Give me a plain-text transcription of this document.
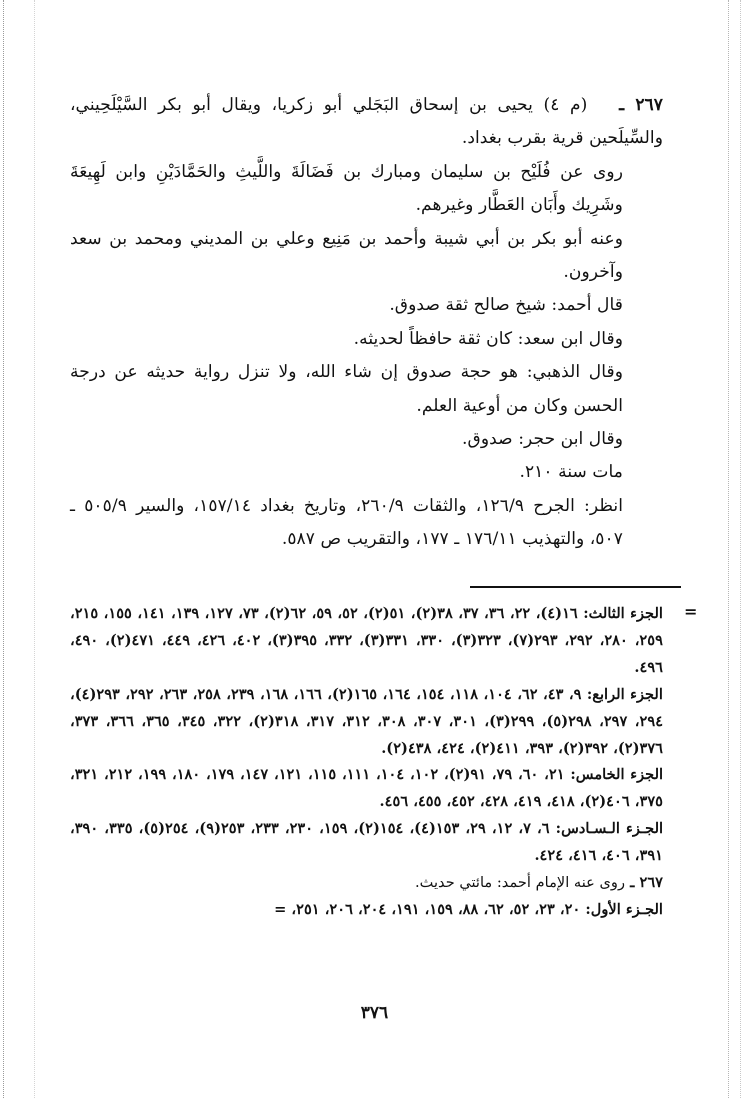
٢٦٧ ـ   (م ٤) يحيى بن إسحاق البَجَلي أبو زكريا، ويقال أبو بكر السَّيْلَحِيني، والسِّيلَحين قرية بقرب بغداد.

روى عن فُلَيْح بن سليمان ومبارك بن فَضَالَةَ واللَّيثِ والحَمَّادَيْنِ وابن لَهِيعَةَ وشَرِيك وأَبَان العَطَّار وغيرهم.

وعنه أبو بكر بن أبي شيبة وأحمد بن مَنِيع وعلي بن المديني ومحمد بن سعد وآخرون.

قال أحمد: شيخ صالح ثقة صدوق.

وقال ابن سعد: كان ثقة حافظاً لحديثه.

وقال الذهبي: هو حجة صدوق إن شاء الله، ولا تنزل رواية حديثه عن درجة الحسن وكان من أوعية العلم.

وقال ابن حجر: صدوق.

مات سنة ٢١٠.

انظر: الجرح ١٢٦/٩، والثقات ٢٦٠/٩، وتاريخ بغداد ١٥٧/١٤، والسير ٥٠٥/٩ ـ ٥٠٧، والتهذيب ١٧٦/١١ ـ ١٧٧، والتقريب ص ٥٨٧.

=

الجزء الثالث: ١٦(٤)، ٢٢، ٣٦، ٣٧، ٣٨(٢)، ٥١(٢)، ٥٢، ٥٩، ٦٢(٢)، ٧٣، ١٢٧، ١٣٩، ١٤١، ١٥٥، ٢١٥، ٢٥٩، ٢٨٠، ٢٩٢، ٢٩٣(٧)، ٣٢٣(٣)، ٣٣٠، ٣٣١(٣)، ٣٣٢، ٣٩٥(٣)، ٤٠٢، ٤٢٦، ٤٤٩، ٤٧١(٢)، ٤٩٠، ٤٩٦.

الجزء الرابع: ٩، ٤٣، ٦٢، ١٠٤، ١١٨، ١٥٤، ١٦٤، ١٦٥(٢)، ١٦٦، ١٦٨، ٢٣٩، ٢٥٨، ٢٦٣، ٢٩٢، ٢٩٣(٤)، ٢٩٤، ٢٩٧، ٢٩٨(٥)، ٢٩٩(٣)، ٣٠١، ٣٠٧، ٣٠٨، ٣١٢، ٣١٧، ٣١٨(٢)، ٣٢٢، ٣٤٥، ٣٦٥، ٣٦٦، ٣٧٣، ٣٧٦(٢)، ٣٩٢(٢)، ٣٩٣، ٤١١(٢)، ٤٢٤، ٤٣٨(٢).

الجزء الخامس: ٢١، ٦٠، ٧٩، ٩١(٢)، ١٠٢، ١٠٤، ١١١، ١١٥، ١٢١، ١٤٧، ١٧٩، ١٨٠، ١٩٩، ٢١٢، ٣٢١، ٣٧٥، ٤٠٦(٢)، ٤١٨، ٤١٩، ٤٢٨، ٤٥٢، ٤٥٥، ٤٥٦.

الجـزء الـسـادس: ٦، ٧، ١٢، ٢٩، ١٥٣(٤)، ١٥٤(٢)، ١٥٩، ٢٣٠، ٢٣٣، ٢٥٣(٩)، ٢٥٤(٥)، ٣٣٥، ٣٩٠، ٣٩١، ٤٠٦، ٤١٦، ٤٢٤.

٢٦٧ ـ روى عنه الإمام أحمد: مائتي حديث.

الجـزء الأول: ٢٠، ٢٣، ٥٢، ٦٢، ٨٨، ١٥٩، ١٩١، ٢٠٤، ٢٠٦، ٢٥١، =

٣٧٦
